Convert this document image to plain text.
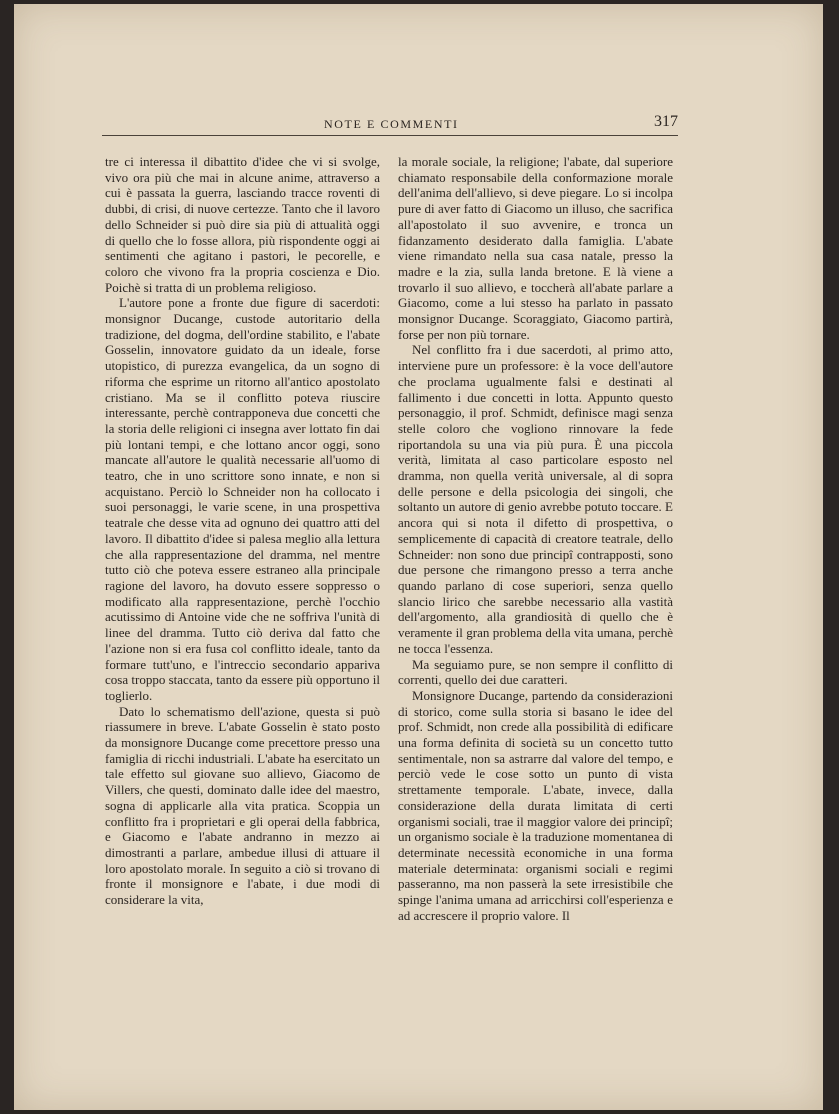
NOTE E COMMENTI	317

tre ci interessa il dibattito d'idee che vi si svolge, vivo ora più che mai in alcune anime, attraverso a cui è passata la guerra, lasciando tracce roventi di dubbi, di crisi, di nuove certezze. Tanto che il lavoro dello Schneider si può dire sia più di attualità oggi di quello che lo fosse allora, più rispondente oggi ai sentimenti che agitano i pastori, le pecorelle, e coloro che vivono fra la propria coscienza e Dio. Poichè si tratta di un problema religioso.

L'autore pone a fronte due figure di sacerdoti: monsignor Ducange, custode autoritario della tradizione, del dogma, dell'ordine stabilito, e l'abate Gosselin, innovatore guidato da un ideale, forse utopistico, di purezza evangelica, da un sogno di riforma che esprime un ritorno all'antico apostolato cristiano. Ma se il conflitto poteva riuscire interessante, perchè contrapponeva due concetti che la storia delle religioni ci insegna aver lottato fin dai più lontani tempi, e che lottano ancor oggi, sono mancate all'autore le qualità necessarie all'uomo di teatro, che in uno scrittore sono innate, e non si acquistano. Perciò lo Schneider non ha collocato i suoi personaggi, le varie scene, in una prospettiva teatrale che desse vita ad ognuno dei quattro atti del lavoro. Il dibattito d'idee si palesa meglio alla lettura che alla rappresentazione del dramma, nel mentre tutto ciò che poteva essere estraneo alla principale ragione del lavoro, ha dovuto essere soppresso o modificato alla rappresentazione, perchè l'occhio acutissimo di Antoine vide che ne soffriva l'unità di linee del dramma. Tutto ciò deriva dal fatto che l'azione non si era fusa col conflitto ideale, tanto da formare tutt'uno, e l'intreccio secondario appariva cosa troppo staccata, tanto da essere più opportuno il toglierlo.

Dato lo schematismo dell'azione, questa si può riassumere in breve. L'abate Gosselin è stato posto da monsignore Ducange come precettore presso una famiglia di ricchi industriali. L'abate ha esercitato un tale effetto sul giovane suo allievo, Giacomo de Villers, che questi, dominato dalle idee del maestro, sogna di applicarle alla vita pratica. Scoppia un conflitto fra i proprietari e gli operai della fabbrica, e Giacomo e l'abate andranno in mezzo ai dimostranti a parlare, ambedue illusi di attuare il loro apostolato morale. In seguito a ciò si trovano di fronte il monsignore e l'abate, i due modi di considerare la vita,

la morale sociale, la religione; l'abate, dal superiore chiamato responsabile della conformazione morale dell'anima dell'allievo, si deve piegare. Lo si incolpa pure di aver fatto di Giacomo un illuso, che sacrifica all'apostolato il suo avvenire, e tronca un fidanzamento desiderato dalla famiglia. L'abate viene rimandato nella sua casa natale, presso la madre e la zia, sulla landa bretone. E là viene a trovarlo il suo allievo, e toccherà all'abate parlare a Giacomo, come a lui stesso ha parlato in passato monsignor Ducange. Scoraggiato, Giacomo partirà, forse per non più tornare.

Nel conflitto fra i due sacerdoti, al primo atto, interviene pure un professore: è la voce dell'autore che proclama ugualmente falsi e destinati al fallimento i due concetti in lotta. Appunto questo personaggio, il prof. Schmidt, definisce magi senza stelle coloro che vogliono rinnovare la fede riportandola su una via più pura. È una piccola verità, limitata al caso particolare esposto nel dramma, non quella verità universale, al di sopra delle persone e della psicologia dei singoli, che soltanto un autore di genio avrebbe potuto toccare. E ancora qui si nota il difetto di prospettiva, o semplicemente di capacità di creatore teatrale, dello Schneider: non sono due principî contrapposti, sono due persone che rimangono presso a terra anche quando parlano di cose superiori, senza quello slancio lirico che sarebbe necessario alla vastità dell'argomento, alla grandiosità di quello che è veramente il gran problema della vita umana, perchè ne tocca l'essenza.

Ma seguiamo pure, se non sempre il conflitto di correnti, quello dei due caratteri.

Monsignore Ducange, partendo da considerazioni di storico, come sulla storia si basano le idee del prof. Schmidt, non crede alla possibilità di edificare una forma definita di società su un concetto tutto sentimentale, non sa astrarre dal valore del tempo, e perciò vede le cose sotto un punto di vista strettamente temporale. L'abate, invece, dalla considerazione della durata limitata di certi organismi sociali, trae il maggior valore dei principî; un organismo sociale è la traduzione momentanea di determinate necessità economiche in una forma materiale determinata: organismi sociali e regimi passeranno, ma non passerà la sete irresistibile che spinge l'anima umana ad arricchirsi coll'esperienza e ad accrescere il proprio valore. Il
